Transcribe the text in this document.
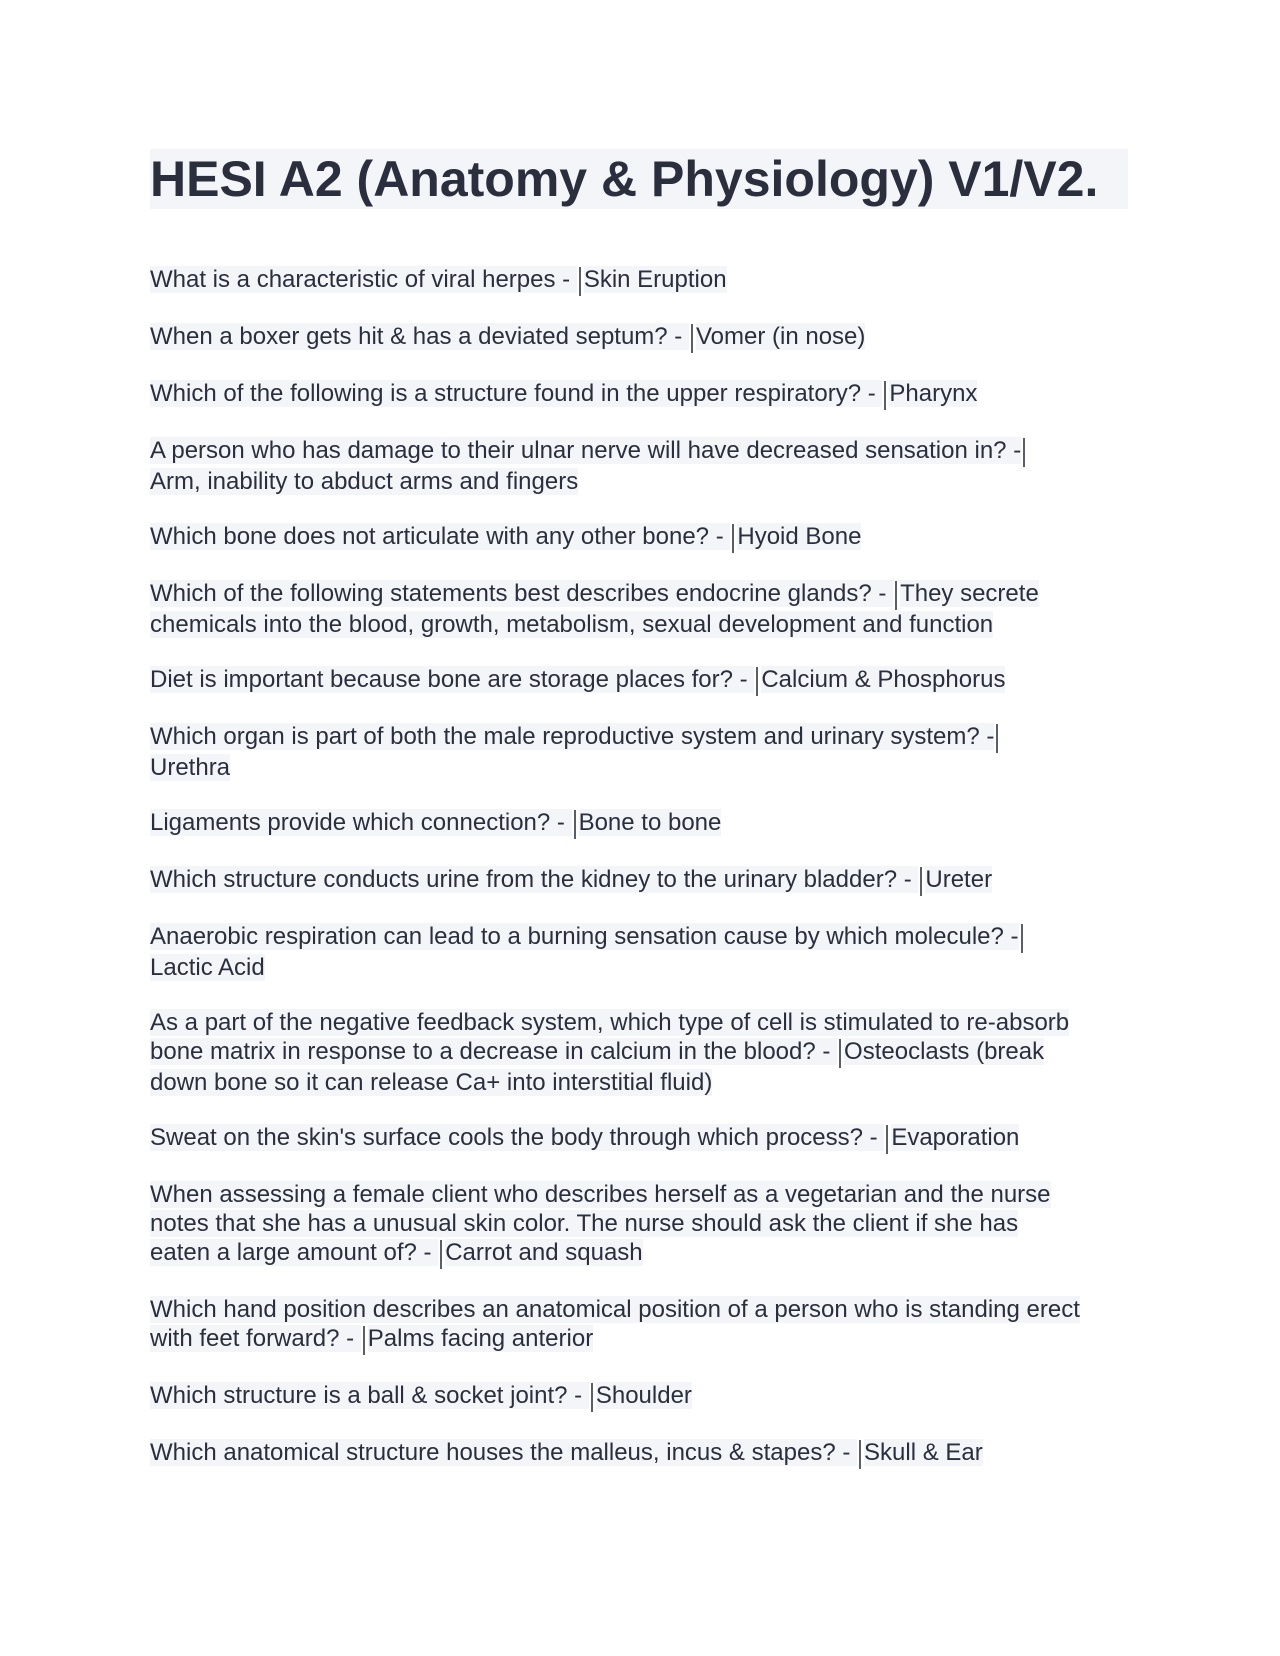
HESI A2 (Anatomy & Physiology) V1/V2.
What is a characteristic of viral herpes - Skin Eruption
When a boxer gets hit & has a deviated septum? - Vomer (in nose)
Which of the following is a structure found in the upper respiratory? - Pharynx
A person who has damage to their ulnar nerve will have decreased sensation in? -
Arm, inability to abduct arms and fingers
Which bone does not articulate with any other bone? - Hyoid Bone
Which of the following statements best describes endocrine glands? - They secrete
chemicals into the blood, growth, metabolism, sexual development and function
Diet is important because bone are storage places for? - Calcium & Phosphorus
Which organ is part of both the male reproductive system and urinary system? -
Urethra
Ligaments provide which connection? - Bone to bone
Which structure conducts urine from the kidney to the urinary bladder? - Ureter
Anaerobic respiration can lead to a burning sensation cause by which molecule? -
Lactic Acid
As a part of the negative feedback system, which type of cell is stimulated to re-absorb
bone matrix in response to a decrease in calcium in the blood? - Osteoclasts (break
down bone so it can release Ca+ into interstitial fluid)
Sweat on the skin's surface cools the body through which process? - Evaporation
When assessing a female client who describes herself as a vegetarian and the nurse
notes that she has a unusual skin color. The nurse should ask the client if she has
eaten a large amount of? - Carrot and squash
Which hand position describes an anatomical position of a person who is standing erect
with feet forward? - Palms facing anterior
Which structure is a ball & socket joint? - Shoulder
Which anatomical structure houses the malleus, incus & stapes? - Skull & Ear
